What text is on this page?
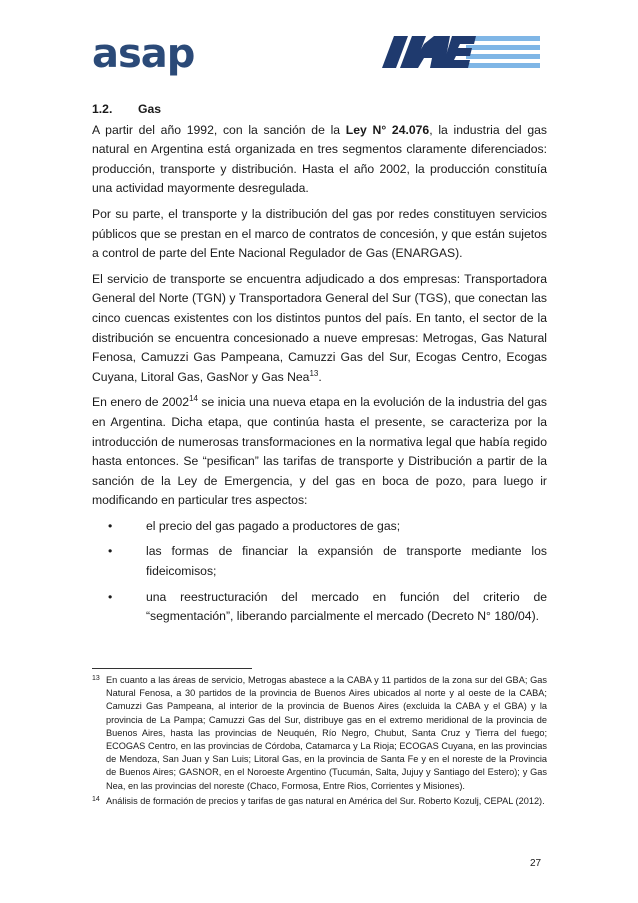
asap
1.2. Gas

A partir del año 1992, con la sanción de la Ley N° 24.076, la industria del gas natural en Argentina está organizada en tres segmentos claramente diferenciados: producción, transporte y distribución. Hasta el año 2002, la producción constituía una actividad mayormente desregulada.

Por su parte, el transporte y la distribución del gas por redes constituyen servicios públicos que se prestan en el marco de contratos de concesión, y que están sujetos a control de parte del Ente Nacional Regulador de Gas (ENARGAS).

El servicio de transporte se encuentra adjudicado a dos empresas: Transportadora General del Norte (TGN) y Transportadora General del Sur (TGS), que conectan las cinco cuencas existentes con los distintos puntos del país. En tanto, el sector de la distribución se encuentra concesionado a nueve empresas: Metrogas, Gas Natural Fenosa, Camuzzi Gas Pampeana, Camuzzi Gas del Sur, Ecogas Centro, Ecogas Cuyana, Litoral Gas, GasNor y Gas Nea$^{13}$.

En enero de 2002$^{14}$ se inicia una nueva etapa en la evolución de la industria del gas en Argentina. Dicha etapa, que continúa hasta el presente, se caracteriza por la introducción de numerosas transformaciones en la normativa legal que había regido hasta entonces. Se “pesifican” las tarifas de transporte y Distribución a partir de la sanción de la Ley de Emergencia, y del gas en boca de pozo, para luego ir modificando en particular tres aspectos:

•	el precio del gas pagado a productores de gas;
•	las formas de financiar la expansión de transporte mediante los fideicomisos;
•	una reestructuración del mercado en función del criterio de “segmentación”, liberando parcialmente el mercado (Decreto N° 180/04).
13 En cuanto a las áreas de servicio, Metrogas abastece a la CABA y 11 partidos de la zona sur del GBA; Gas Natural Fenosa, a 30 partidos de la provincia de Buenos Aires ubicados al norte y al oeste de la CABA; Camuzzi Gas Pampeana, al interior de la provincia de Buenos Aires (excluida la CABA y el GBA) y la provincia de La Pampa; Camuzzi Gas del Sur, distribuye gas en el extremo meridional de la provincia de Buenos Aires, hasta las provincias de Neuquén, Río Negro, Chubut, Santa Cruz y Tierra del fuego; ECOGAS Centro, en las provincias de Córdoba, Catamarca y La Rioja; ECOGAS Cuyana, en las provincias de Mendoza, San Juan y San Luis; Litoral Gas, en la provincia de Santa Fe y en el noreste de la Provincia de Buenos Aires; GASNOR, en el Noroeste Argentino (Tucumán, Salta, Jujuy y Santiago del Estero); y Gas Nea, en las provincias del noreste (Chaco, Formosa, Entre Rios, Corrientes y Misiones).
14 Análisis de formación de precios y tarifas de gas natural en América del Sur. Roberto Kozulj, CEPAL (2012).
27
